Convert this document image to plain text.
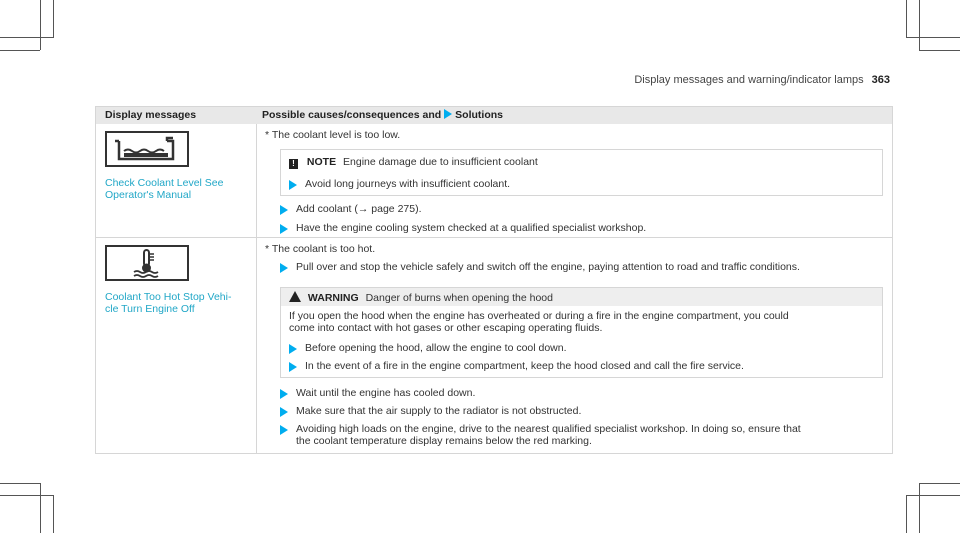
Display messages and warning/indicator lamps 363
Display messages	Possible causes/consequences and Solutions
Check Coolant Level See
Operator's Manual
* The coolant level is too low.
! NOTE Engine damage due to insufficient coolant
Avoid long journeys with insufficient coolant.
Add coolant (→ page 275).
Have the engine cooling system checked at a qualified specialist workshop.
Coolant Too Hot Stop Vehi-
cle Turn Engine Off
* The coolant is too hot.
Pull over and stop the vehicle safely and switch off the engine, paying attention to road and traffic conditions.
WARNING Danger of burns when opening the hood
If you open the hood when the engine has overheated or during a fire in the engine compartment, you could
come into contact with hot gases or other escaping operating fluids.
Before opening the hood, allow the engine to cool down.
In the event of a fire in the engine compartment, keep the hood closed and call the fire service.
Wait until the engine has cooled down.
Make sure that the air supply to the radiator is not obstructed.
Avoiding high loads on the engine, drive to the nearest qualified specialist workshop. In doing so, ensure that
the coolant temperature display remains below the red marking.
